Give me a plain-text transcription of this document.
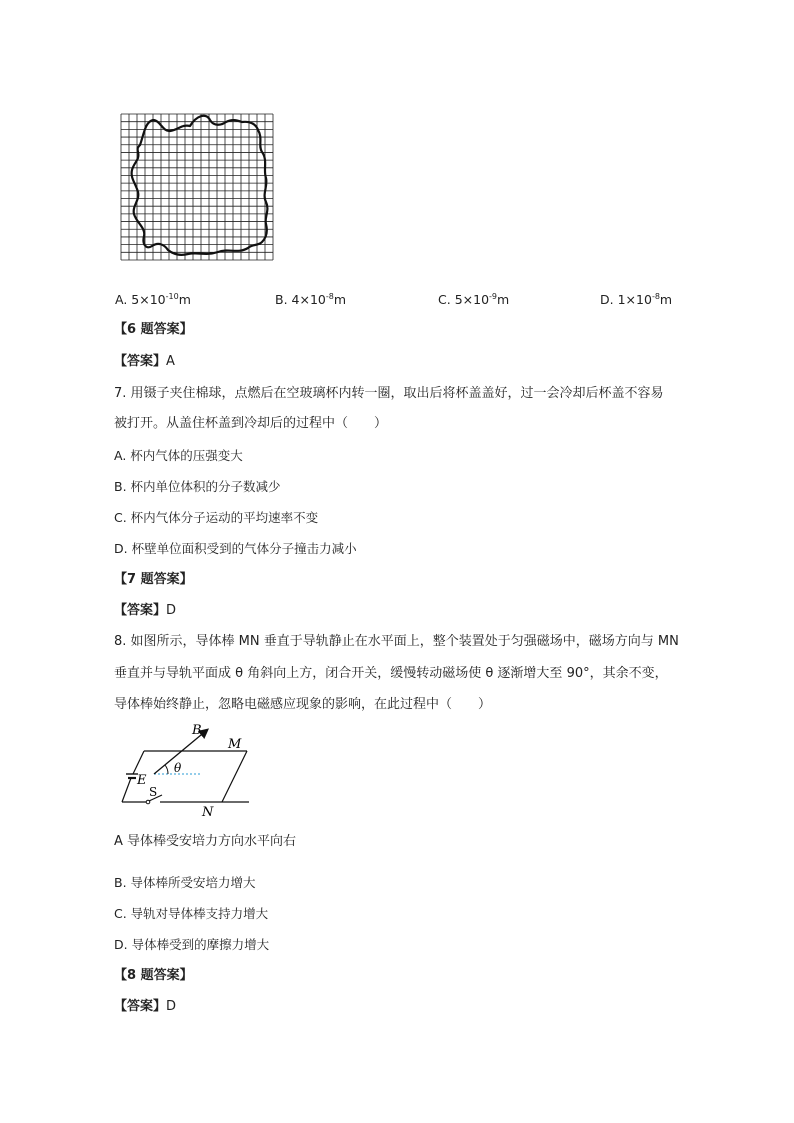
A. $5\times 10^{-10}m$	B. $4\times 10^{-8}m$	C. $5\times 10^{-9}m$	D. $1\times 10^{-8}m$
【6 题答案】
【答案】A
7. 用镊子夹住棉球，点燃后在空玻璃杯内转一圈，取出后将杯盖盖好，过一会冷却后杯盖不容易
被打开。从盖住杯盖到冷却后的过程中（　　）
A. 杯内气体的压强变大
B. 杯内单位体积的分子数减少
C. 杯内气体分子运动的平均速率不变
D. 杯壁单位面积受到的气体分子撞击力减小
【7 题答案】
【答案】D
8. 如图所示，导体棒 MN 垂直于导轨静止在水平面上，整个装置处于匀强磁场中，磁场方向与 MN
垂直并与导轨平面成 θ 角斜向上方，闭合开关，缓慢转动磁场使 θ 逐渐增大至 90°，其余不变，
导体棒始终静止，忽略电磁感应现象的影响，在此过程中（　　）
B
M
θ
E
S
N
A 导体棒受安培力方向水平向右
B. 导体棒所受安培力增大
C. 导轨对导体棒支持力增大
D. 导体棒受到的摩擦力增大
【8 题答案】
【答案】D
